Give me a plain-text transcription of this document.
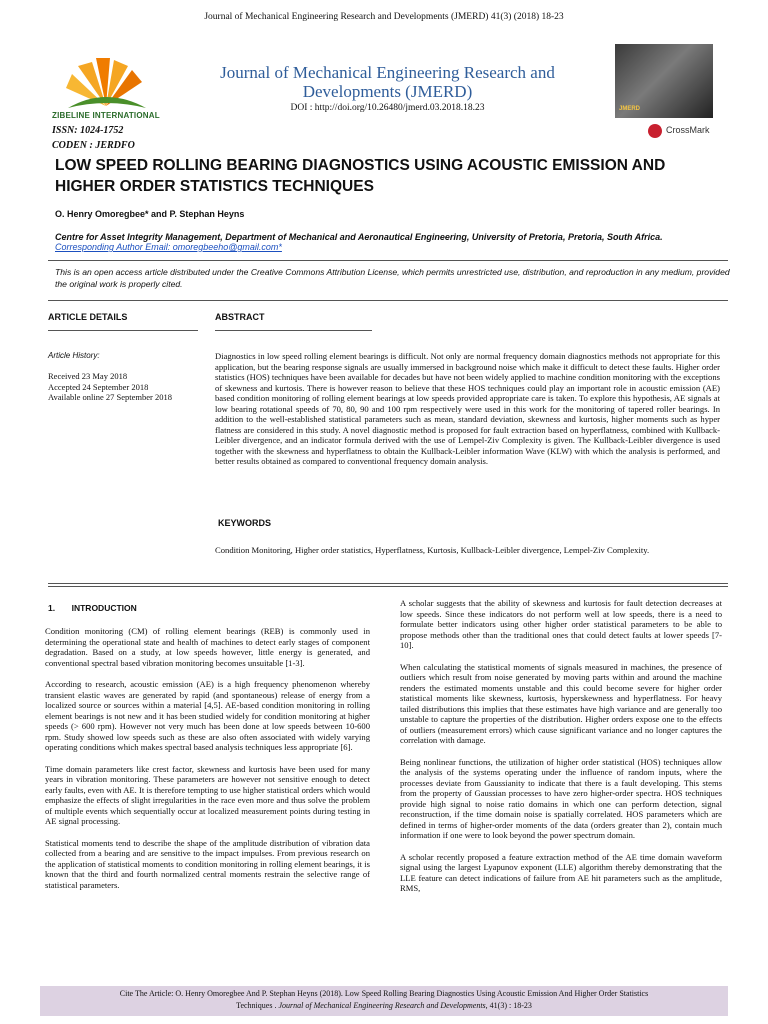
Journal of Mechanical Engineering Research and Developments (JMERD) 41(3) (2018) 18-23
ZIBELINE INTERNATIONAL
ISSN: 1024-1752
CODEN : JERDFO
Journal of Mechanical Engineering Research and Developments (JMERD)
DOI : http://doi.org/10.26480/jmerd.03.2018.18.23	JMERD
CrossMark
LOW SPEED ROLLING BEARING DIAGNOSTICS USING ACOUSTIC EMISSION AND HIGHER ORDER STATISTICS TECHNIQUES
O. Henry Omoregbee* and P. Stephan Heyns
Centre for Asset Integrity Management, Department of Mechanical and Aeronautical Engineering, University of Pretoria, Pretoria, South Africa.
Corresponding Author Email: omoregbeeho@gmail.com*
This is an open access article distributed under the Creative Commons Attribution License, which permits unrestricted use, distribution, and reproduction in any medium, provided the original work is properly cited.
ARTICLE DETAILS	ABSTRACT
Article History:
Received 23 May 2018
Accepted 24 September 2018
Available online 27 September 2018
Diagnostics in low speed rolling element bearings is difficult. Not only are normal frequency domain diagnostics methods not appropriate for this application, but the bearing response signals are usually immersed in background noise which make it difficult to detect these faults. Higher order statistics (HOS) techniques have been available for decades but have not been widely applied to machine condition monitoring with the exceptions of skewness and kurtosis. There is however reason to believe that these HOS techniques could play an important role in acoustic emission (AE) based condition monitoring of rolling element bearings at low speeds provided appropriate care is taken. To explore this hypothesis, AE signals at low bearing rotational speeds of 70, 80, 90 and 100 rpm respectively were used in this work for the monitoring of tapered roller bearings. In addition to the well-established statistical parameters such as mean, standard deviation, skewness and kurtosis, higher moments such as hyper flatness are considered in this study. A novel diagnostic method is proposed for fault extraction based on hyperflatness, combined with Kullback-Leibler divergence, and an indicator formula derived with the use of Lempel-Ziv Complexity is given. The Kullback-Leibler divergence is used together with the skewness and hyperflatness to obtain the Kullback-Leibler information Wave (KLW) with which the analysis is performed, and better results obtained as compared to conventional frequency domain analysis.
KEYWORDS
Condition Monitoring, Higher order statistics, Hyperflatness, Kurtosis, Kullback-Leibler divergence, Lempel-Ziv Complexity.
1.       INTRODUCTION

Condition monitoring (CM) of rolling element bearings (REB) is commonly used in determining the operational state and health of machines to detect early stages of component degradation. Based on a study, at low speeds however, little energy is generated, and conventional spectral based vibration monitoring becomes unsuitable [1-3].

According to research, acoustic emission (AE) is a high frequency phenomenon whereby transient elastic waves are generated by rapid (and spontaneous) release of energy from a localized source or sources within a material [4,5]. AE-based condition monitoring in rolling element bearings is not new and it has been studied widely for condition monitoring at higher speeds (> 600 rpm). However not very much has been done at low speeds between 10-600 rpm. Study showed low speeds such as these are also often associated with widely varying operating conditions which makes spectral based analysis techniques less appropriate [6].

Time domain parameters like crest factor, skewness and kurtosis have been used for many years in vibration monitoring. These parameters are however not sensitive enough to detect early faults, even with AE. It is therefore tempting to use higher statistical orders which would emphasize the effects of slight irregularities in the race even more and thus solve the problem of multiple events which sequentially occur at localized measurement points during testing in AE signal processing.

Statistical moments tend to describe the shape of the amplitude distribution of vibration data collected from a bearing and are sensitive to the impact impulses. From previous research on the application of statistical moments to condition monitoring in rolling element bearings, it is known that the third and fourth normalized central moments restrain the selective range of statistical parameters.

A scholar suggests that the ability of skewness and kurtosis for fault detection decreases at low speeds. Since these indicators do not perform well at low speeds, there is a need to formulate better indicators using other higher order statistical parameters to be able to propose methods other than the traditional ones that could detect faults at lower speeds [7-10].

When calculating the statistical moments of signals measured in machines, the presence of outliers which result from noise generated by moving parts within and around the machine renders the estimated moments unstable and this could become severe for higher order statistical moments like skewness, kurtosis, hyperskewness and hyperflatness. For heavy tailed distributions this implies that these estimates have high variance and are generally too unstable to capture the properties of the distribution. Higher orders expose one to the effects of outliers (measurement errors) which cause significant variance and no longer captures the correlation with damage.

Being nonlinear functions, the utilization of higher order statistical (HOS) techniques allow the analysis of the systems operating under the influence of random inputs, where the processes deviate from Gaussianity to indicate that there is a fault developing. This stems from the property of Gaussian processes to have zero higher-order spectra. HOS techniques provide high signal to noise ratio domains in which one can perform detection, signal reconstruction, if the time domain noise is spatially correlated. HOS parameters which are defined in terms of higher-order moments of the data (orders greater than 2), contain much information if one were to look beyond the power spectrum domain.

A scholar recently proposed a feature extraction method of the AE time domain waveform signal using the largest Lyapunov exponent (LLE) algorithm thereby demonstrating that the LLE feature can detect indications of failure from AE hit parameters such as the amplitude, RMS,

Cite The Article: O. Henry Omoregbee And P. Stephan Heyns (2018). Low Speed Rolling Bearing Diagnostics Using Acoustic Emission And Higher Order Statistics
Techniques . Journal of Mechanical Engineering Research and Developments, 41(3) : 18-23
